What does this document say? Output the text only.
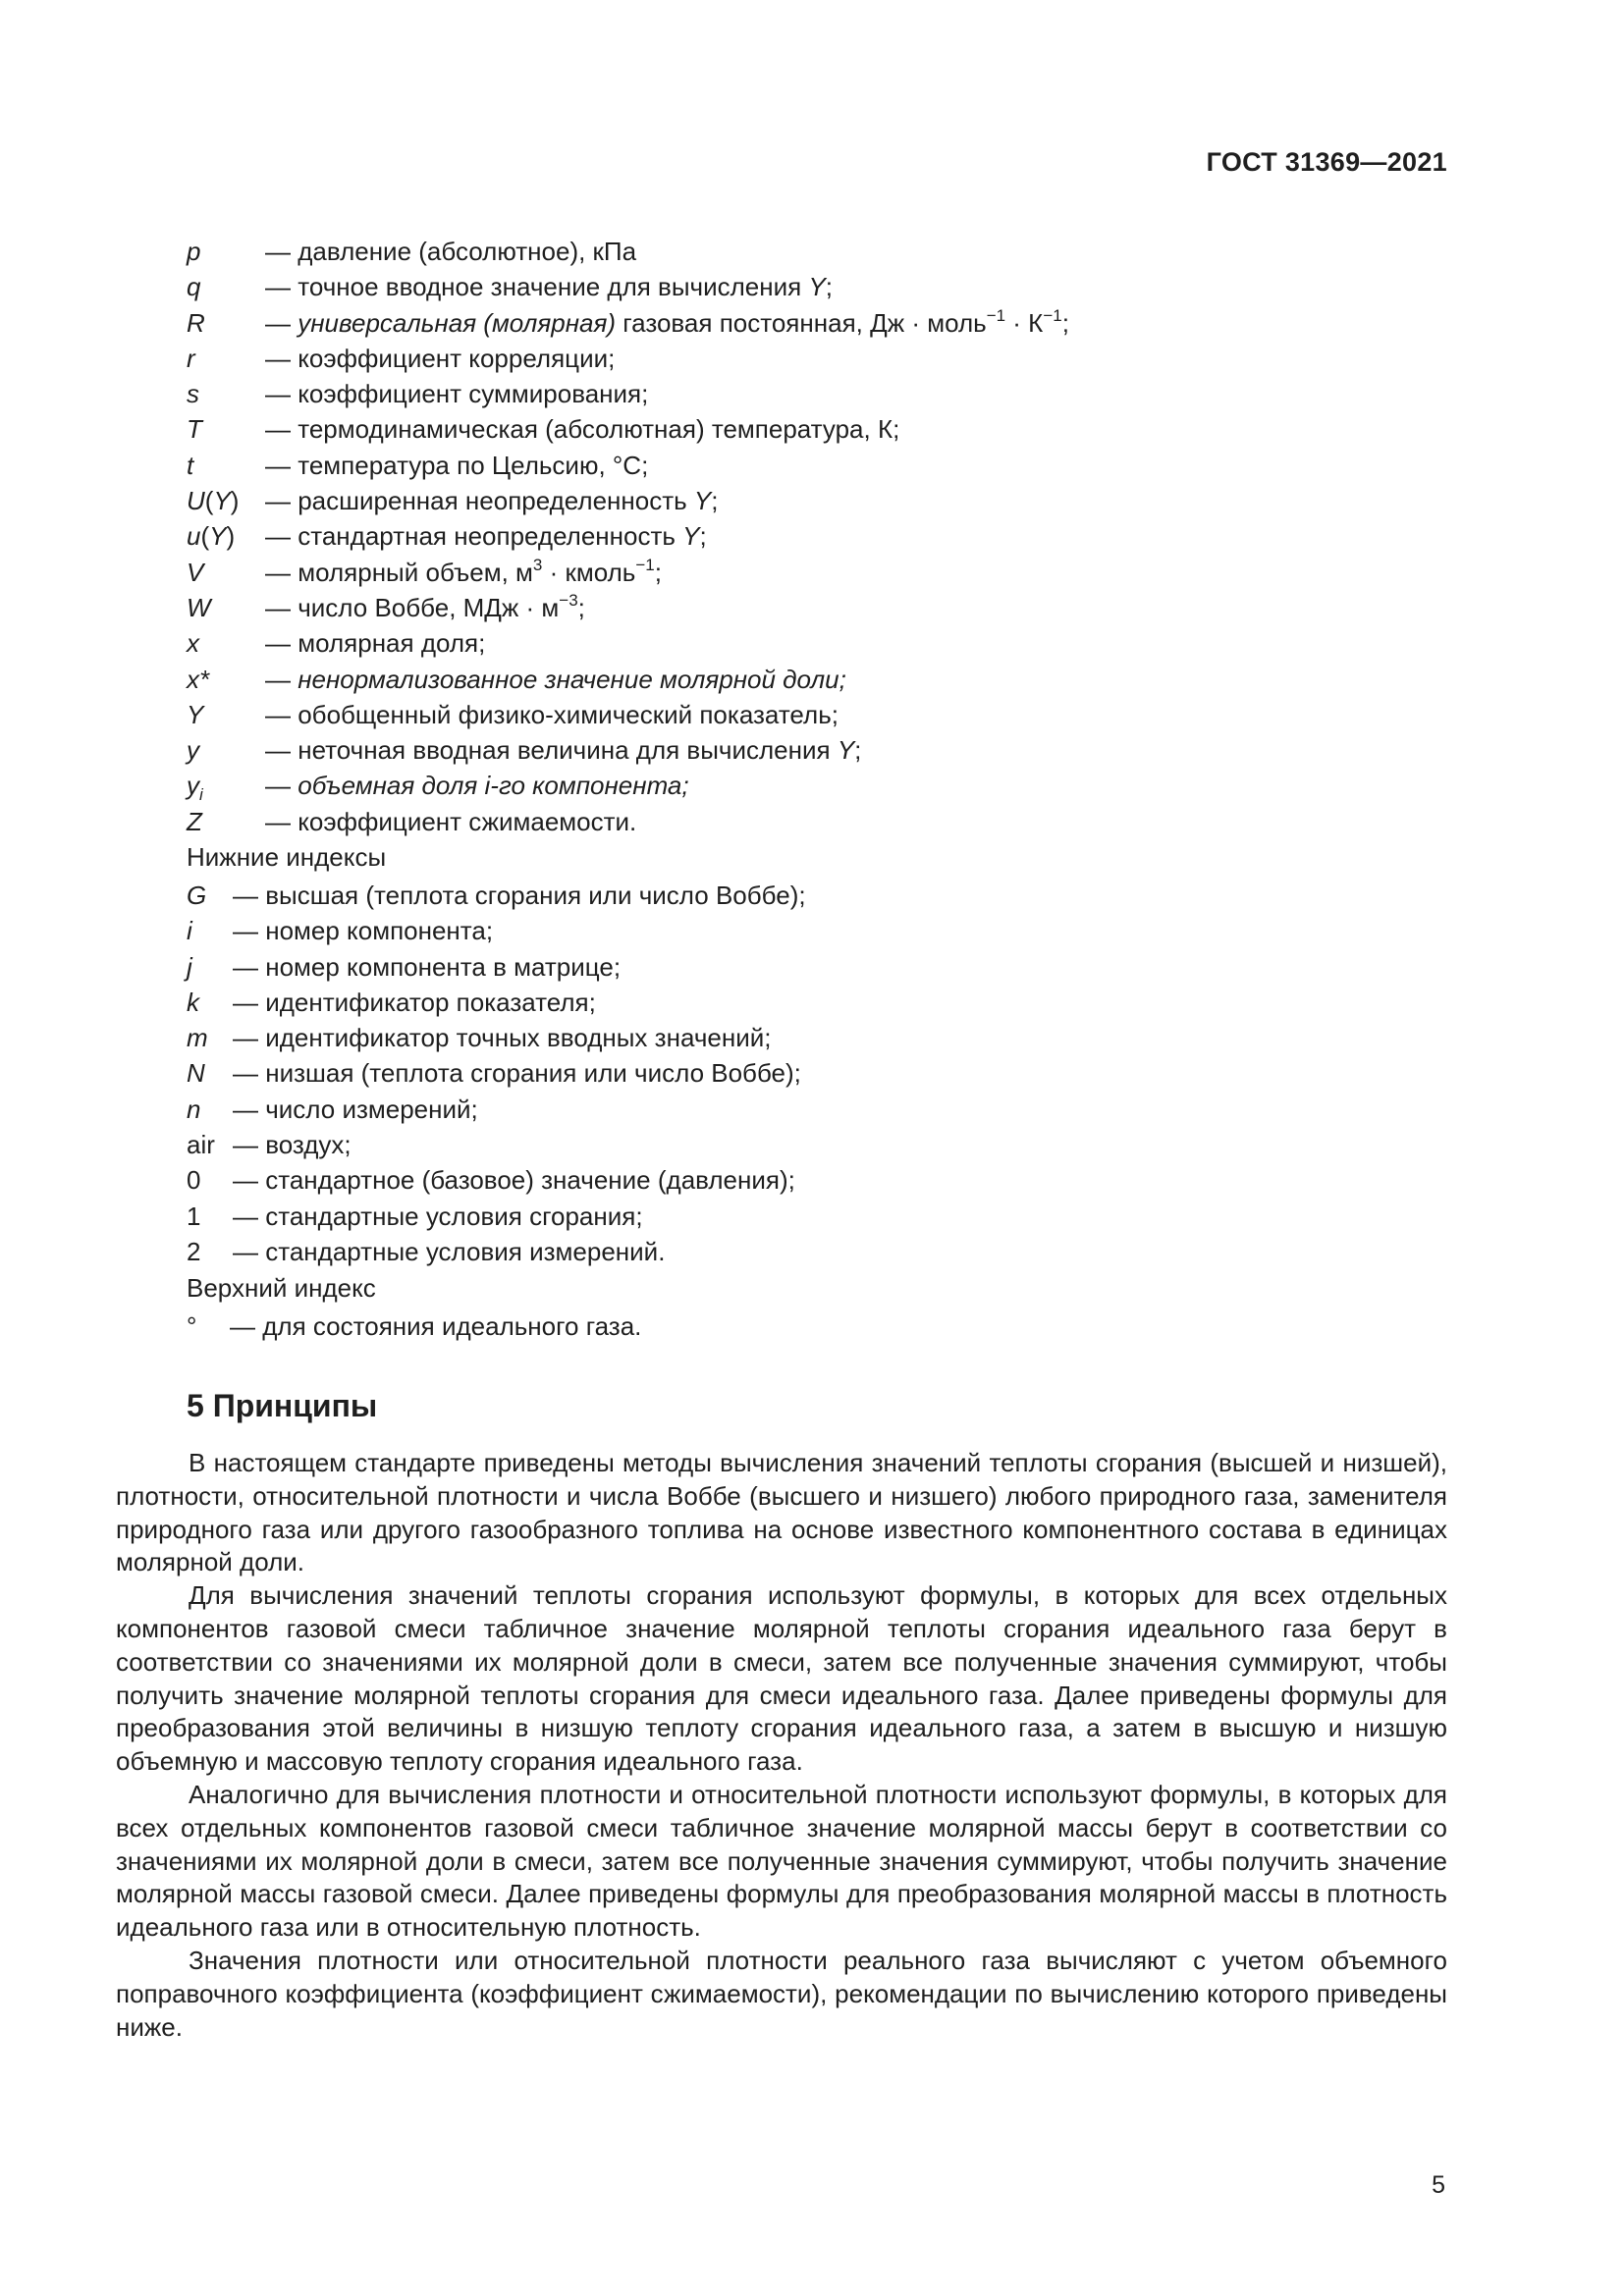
ГОСТ 31369—2021
p	— давление (абсолютное), кПа
q	— точное вводное значение для вычисления Y;
R — универсальная (молярная) газовая постоянная, Дж · моль$^{-1}$ · $К^{-1}$;
r	— коэффициент корреляции;
s	— коэффициент суммирования;
T — термодинамическая (абсолютная) температура, К;
t	— температура по Цельсию, °С;
U(Y) — расширенная неопределенность Y;
u(Y) — стандартная неопределенность Y;
V — молярный объем, $м^3$ · кмоль$^{-1}$;
W — число Воббе, МДж · $м^{-3}$;
x	— молярная доля;
x* — ненормализованное значение молярной доли;
Y — обобщенный физико-химический показатель;
y	— неточная вводная величина для вычисления Y;
$y_i$ — объемная доля i-го компонента;
Z — коэффициент сжимаемости.
Нижние индексы
G — высшая (теплота сгорания или число Воббе);
i — номер компонента;
j — номер компонента в матрице;
k — идентификатор показателя;
m — идентификатор точных вводных значений;
N — низшая (теплота сгорания или число Воббе);
n — число измерений;
air — воздух;
0 — стандартное (базовое) значение (давления);
1 — стандартные условия сгорания;
2 — стандартные условия измерений.
Верхний индекс
° — для состояния идеального газа.
5 Принципы

В настоящем стандарте приведены методы вычисления значений теплоты сгорания (высшей и низшей), плотности, относительной плотности и числа Воббе (высшего и низшего) любого природного газа, заменителя природного газа или другого газообразного топлива на основе известного компонентного состава в единицах молярной доли.

Для вычисления значений теплоты сгорания используют формулы, в которых для всех отдельных компонентов газовой смеси табличное значение молярной теплоты сгорания идеального газа берут в соответствии со значениями их молярной доли в смеси, затем все полученные значения суммируют, чтобы получить значение молярной теплоты сгорания для смеси идеального газа. Далее приведены формулы для преобразования этой величины в низшую теплоту сгорания идеального газа, а затем в высшую и низшую объемную и массовую теплоту сгорания идеального газа.

Аналогично для вычисления плотности и относительной плотности используют формулы, в которых для всех отдельных компонентов газовой смеси табличное значение молярной массы берут в соответствии со значениями их молярной доли в смеси, затем все полученные значения суммируют, чтобы получить значение молярной массы газовой смеси. Далее приведены формулы для преобразования молярной массы в плотность идеального газа или в относительную плотность.

Значения плотности или относительной плотности реального газа вычисляют с учетом объемного поправочного коэффициента (коэффициент сжимаемости), рекомендации по вычислению которого приведены ниже.

5
